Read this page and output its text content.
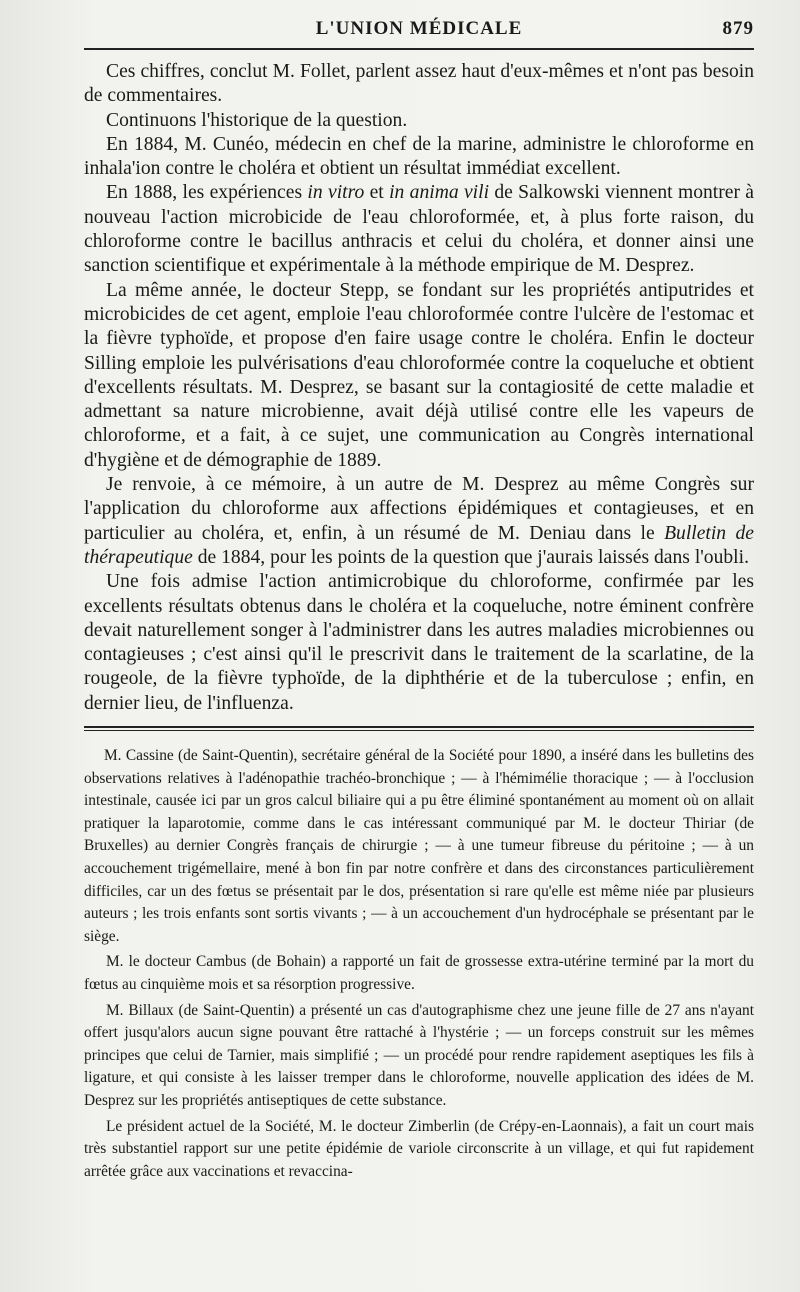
L'UNION MÉDICALE	879

Ces chiffres, conclut M. Follet, parlent assez haut d'eux-mêmes et n'ont pas besoin de commentaires.

Continuons l'historique de la question.

En 1884, M. Cunéo, médecin en chef de la marine, administre le chloroforme en inhala'ion contre le choléra et obtient un résultat immédiat excellent.

En 1888, les expériences in vitro et in anima vili de Salkowski viennent montrer à nouveau l'action microbicide de l'eau chloroformée, et, à plus forte raison, du chloroforme contre le bacillus anthracis et celui du choléra, et donner ainsi une sanction scientifique et expérimentale à la méthode empirique de M. Desprez.

La même année, le docteur Stepp, se fondant sur les propriétés antiputrides et microbicides de cet agent, emploie l'eau chloroformée contre l'ulcère de l'estomac et la fièvre typhoïde, et propose d'en faire usage contre le choléra. Enfin le docteur Silling emploie les pulvérisations d'eau chloroformée contre la coqueluche et obtient d'excellents résultats. M. Desprez, se basant sur la contagiosité de cette maladie et admettant sa nature microbienne, avait déjà utilisé contre elle les vapeurs de chloroforme, et a fait, à ce sujet, une communication au Congrès international d'hygiène et de démographie de 1889.

Je renvoie, à ce mémoire, à un autre de M. Desprez au même Congrès sur l'application du chloroforme aux affections épidémiques et contagieuses, et en particulier au choléra, et, enfin, à un résumé de M. Deniau dans le Bulletin de thérapeutique de 1884, pour les points de la question que j'aurais laissés dans l'oubli.

Une fois admise l'action antimicrobique du chloroforme, confirmée par les excellents résultats obtenus dans le choléra et la coqueluche, notre éminent confrère devait naturellement songer à l'administrer dans les autres maladies microbiennes ou contagieuses ; c'est ainsi qu'il le prescrivit dans le traitement de la scarlatine, de la rougeole, de la fièvre typhoïde, de la diphthérie et de la tuberculose ; enfin, en dernier lieu, de l'influenza.

M. Cassine (de Saint-Quentin), secrétaire général de la Société pour 1890, a inséré dans les bulletins des observations relatives à l'adénopathie trachéo-bronchique ; — à l'hémimélie thoracique ; — à l'occlusion intestinale, causée ici par un gros calcul biliaire qui a pu être éliminé spontanément au moment où on allait pratiquer la laparotomie, comme dans le cas intéressant communiqué par M. le docteur Thiriar (de Bruxelles) au dernier Congrès français de chirurgie ; — à une tumeur fibreuse du péritoine ; — à un accouchement trigémellaire, mené à bon fin par notre confrère et dans des circonstances particulièrement difficiles, car un des fœtus se présentait par le dos, présentation si rare qu'elle est même niée par plusieurs auteurs ; les trois enfants sont sortis vivants ; — à un accouchement d'un hydrocéphale se présentant par le siège.

M. le docteur Cambus (de Bohain) a rapporté un fait de grossesse extra-utérine terminé par la mort du fœtus au cinquième mois et sa résorption progressive.

M. Billaux (de Saint-Quentin) a présenté un cas d'autographisme chez une jeune fille de 27 ans n'ayant offert jusqu'alors aucun signe pouvant être rattaché à l'hystérie ; — un forceps construit sur les mêmes principes que celui de Tarnier, mais simplifié ; — un procédé pour rendre rapidement aseptiques les fils à ligature, et qui consiste à les laisser tremper dans le chloroforme, nouvelle application des idées de M. Desprez sur les propriétés antiseptiques de cette substance.

Le président actuel de la Société, M. le docteur Zimberlin (de Crépy-en-Laonnais), a fait un court mais très substantiel rapport sur une petite épidémie de variole circonscrite à un village, et qui fut rapidement arrêtée grâce aux vaccinations et revaccina-
